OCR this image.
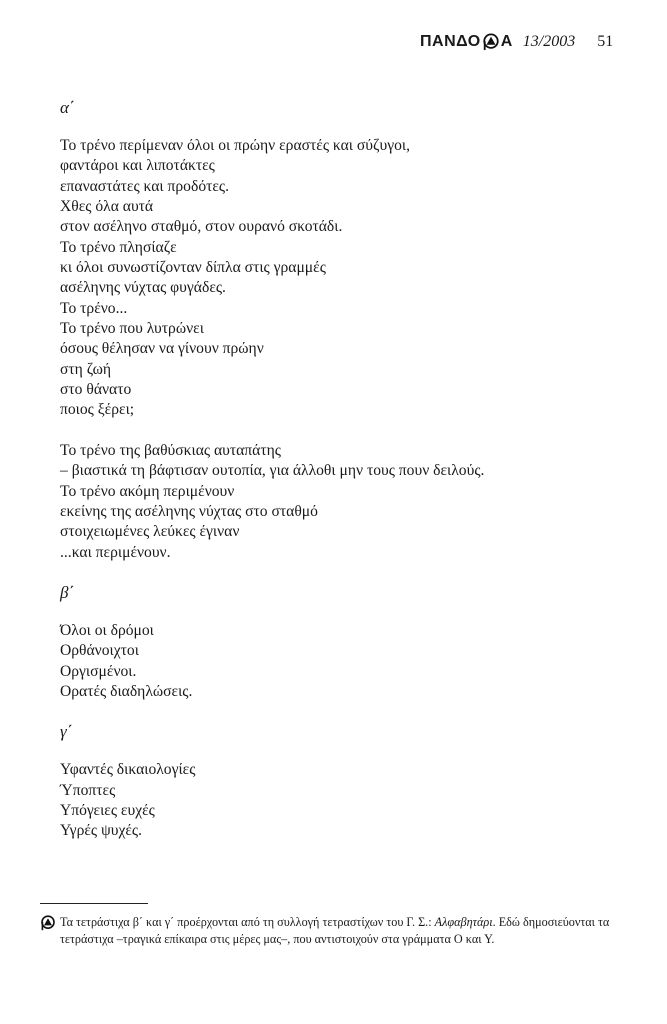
ΠΑΝΔΟ Α 13/2003 51
α΄
Το τρένο περίμεναν όλοι οι πρώην εραστές και σύζυγοι,
φαντάροι και λιποτάκτες
επαναστάτες και προδότες.
Χθες όλα αυτά
στον ασέληνο σταθμό, στον ουρανό σκοτάδι.
Το τρένο πλησίαζε
κι όλοι συνωστίζονταν δίπλα στις γραμμές
ασέληνης νύχτας φυγάδες.
Το τρένο...
Το τρένο που λυτρώνει
όσους θέλησαν να γίνουν πρώην
στη ζωή
στο θάνατο
ποιος ξέρει;
Το τρένο της βαθύσκιας αυταπάτης
– βιαστικά τη βάφτισαν ουτοπία, για άλλοθι μην τους πουν δειλούς.
Το τρένο ακόμη περιμένουν
εκείνης της ασέληνης νύχτας στο σταθμό
στοιχειωμένες λεύκες έγιναν
...και περιμένουν.
β΄
Όλοι οι δρόμοι
Ορθάνοιχτοι
Οργισμένοι.
Ορατές διαδηλώσεις.
γ΄
Υφαντές δικαιολογίες
Ύποπτες
Υπόγειες ευχές
Υγρές ψυχές.
Τα τετράστιχα β΄ και γ΄ προέρχονται από τη συλλογή τετραστίχων του Γ. Σ.: Αλφαβητάρι. Εδώ δημοσιεύονται τα τετράστιχα –τραγικά επίκαιρα στις μέρες μας–, που αντιστοιχούν στα γράμματα Ο και Υ.
